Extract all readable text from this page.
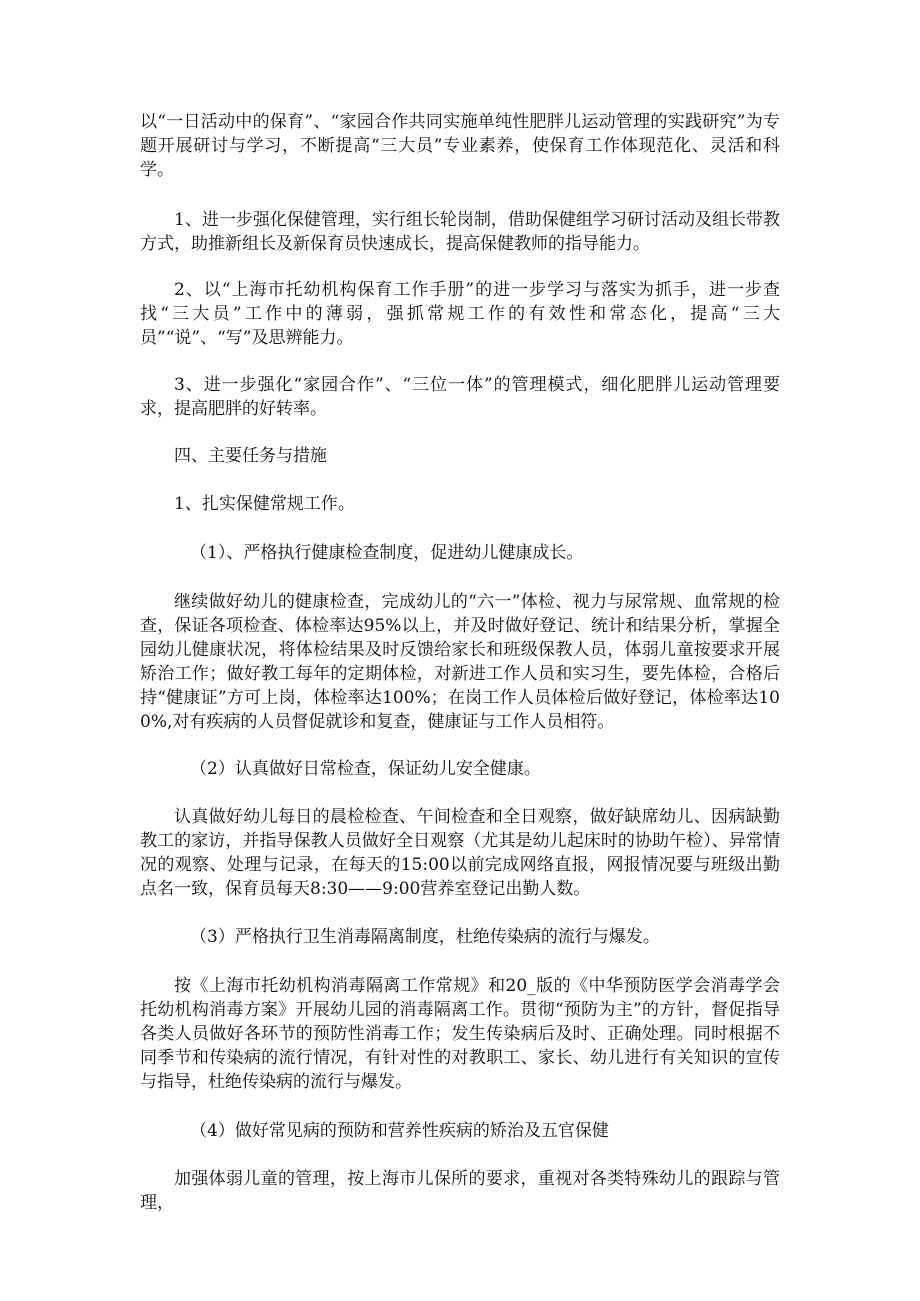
以“一日活动中的保育”、“家园合作共同实施单纯性肥胖儿运动管理的实践研究”为专题开展研讨与学习，不断提高“三大员”专业素养，使保育工作体现范化、灵活和科学。

1、进一步强化保健管理，实行组长轮岗制，借助保健组学习研讨活动及组长带教方式，助推新组长及新保育员快速成长，提高保健教师的指导能力。

2、以“上海市托幼机构保育工作手册”的进一步学习与落实为抓手，进一步查找“三大员”工作中的薄弱，强抓常规工作的有效性和常态化，提高“三大员”“说”、“写”及思辨能力。

3、进一步强化“家园合作”、“三位一体”的管理模式，细化肥胖儿运动管理要求，提高肥胖的好转率。

四、主要任务与措施

1、扎实保健常规工作。

（1）、严格执行健康检查制度，促进幼儿健康成长。

继续做好幼儿的健康检查，完成幼儿的“六一”体检、视力与尿常规、血常规的检查，保证各项检查、体检率达95%以上，并及时做好登记、统计和结果分析，掌握全园幼儿健康状况，将体检结果及时反馈给家长和班级保教人员，体弱儿童按要求开展矫治工作；做好教工每年的定期体检，对新进工作人员和实习生，要先体检，合格后持“健康证”方可上岗，体检率达100%；在岗工作人员体检后做好登记，体检率达100%,对有疾病的人员督促就诊和复查，健康证与工作人员相符。

（2）认真做好日常检查，保证幼儿安全健康。

认真做好幼儿每日的晨检检查、午间检查和全日观察，做好缺席幼儿、因病缺勤教工的家访，并指导保教人员做好全日观察（尤其是幼儿起床时的协助午检）、异常情况的观察、处理与记录，在每天的15:00以前完成网络直报，网报情况要与班级出勤点名一致，保育员每天8:30——9:00营养室登记出勤人数。

（3）严格执行卫生消毒隔离制度，杜绝传染病的流行与爆发。

按《上海市托幼机构消毒隔离工作常规》和20_版的《中华预防医学会消毒学会托幼机构消毒方案》开展幼儿园的消毒隔离工作。贯彻“预防为主”的方针，督促指导各类人员做好各环节的预防性消毒工作；发生传染病后及时、正确处理。同时根据不同季节和传染病的流行情况，有针对性的对教职工、家长、幼儿进行有关知识的宣传与指导，杜绝传染病的流行与爆发。

（4）做好常见病的预防和营养性疾病的矫治及五官保健

加强体弱儿童的管理，按上海市儿保所的要求，重视对各类特殊幼儿的跟踪与管理，
